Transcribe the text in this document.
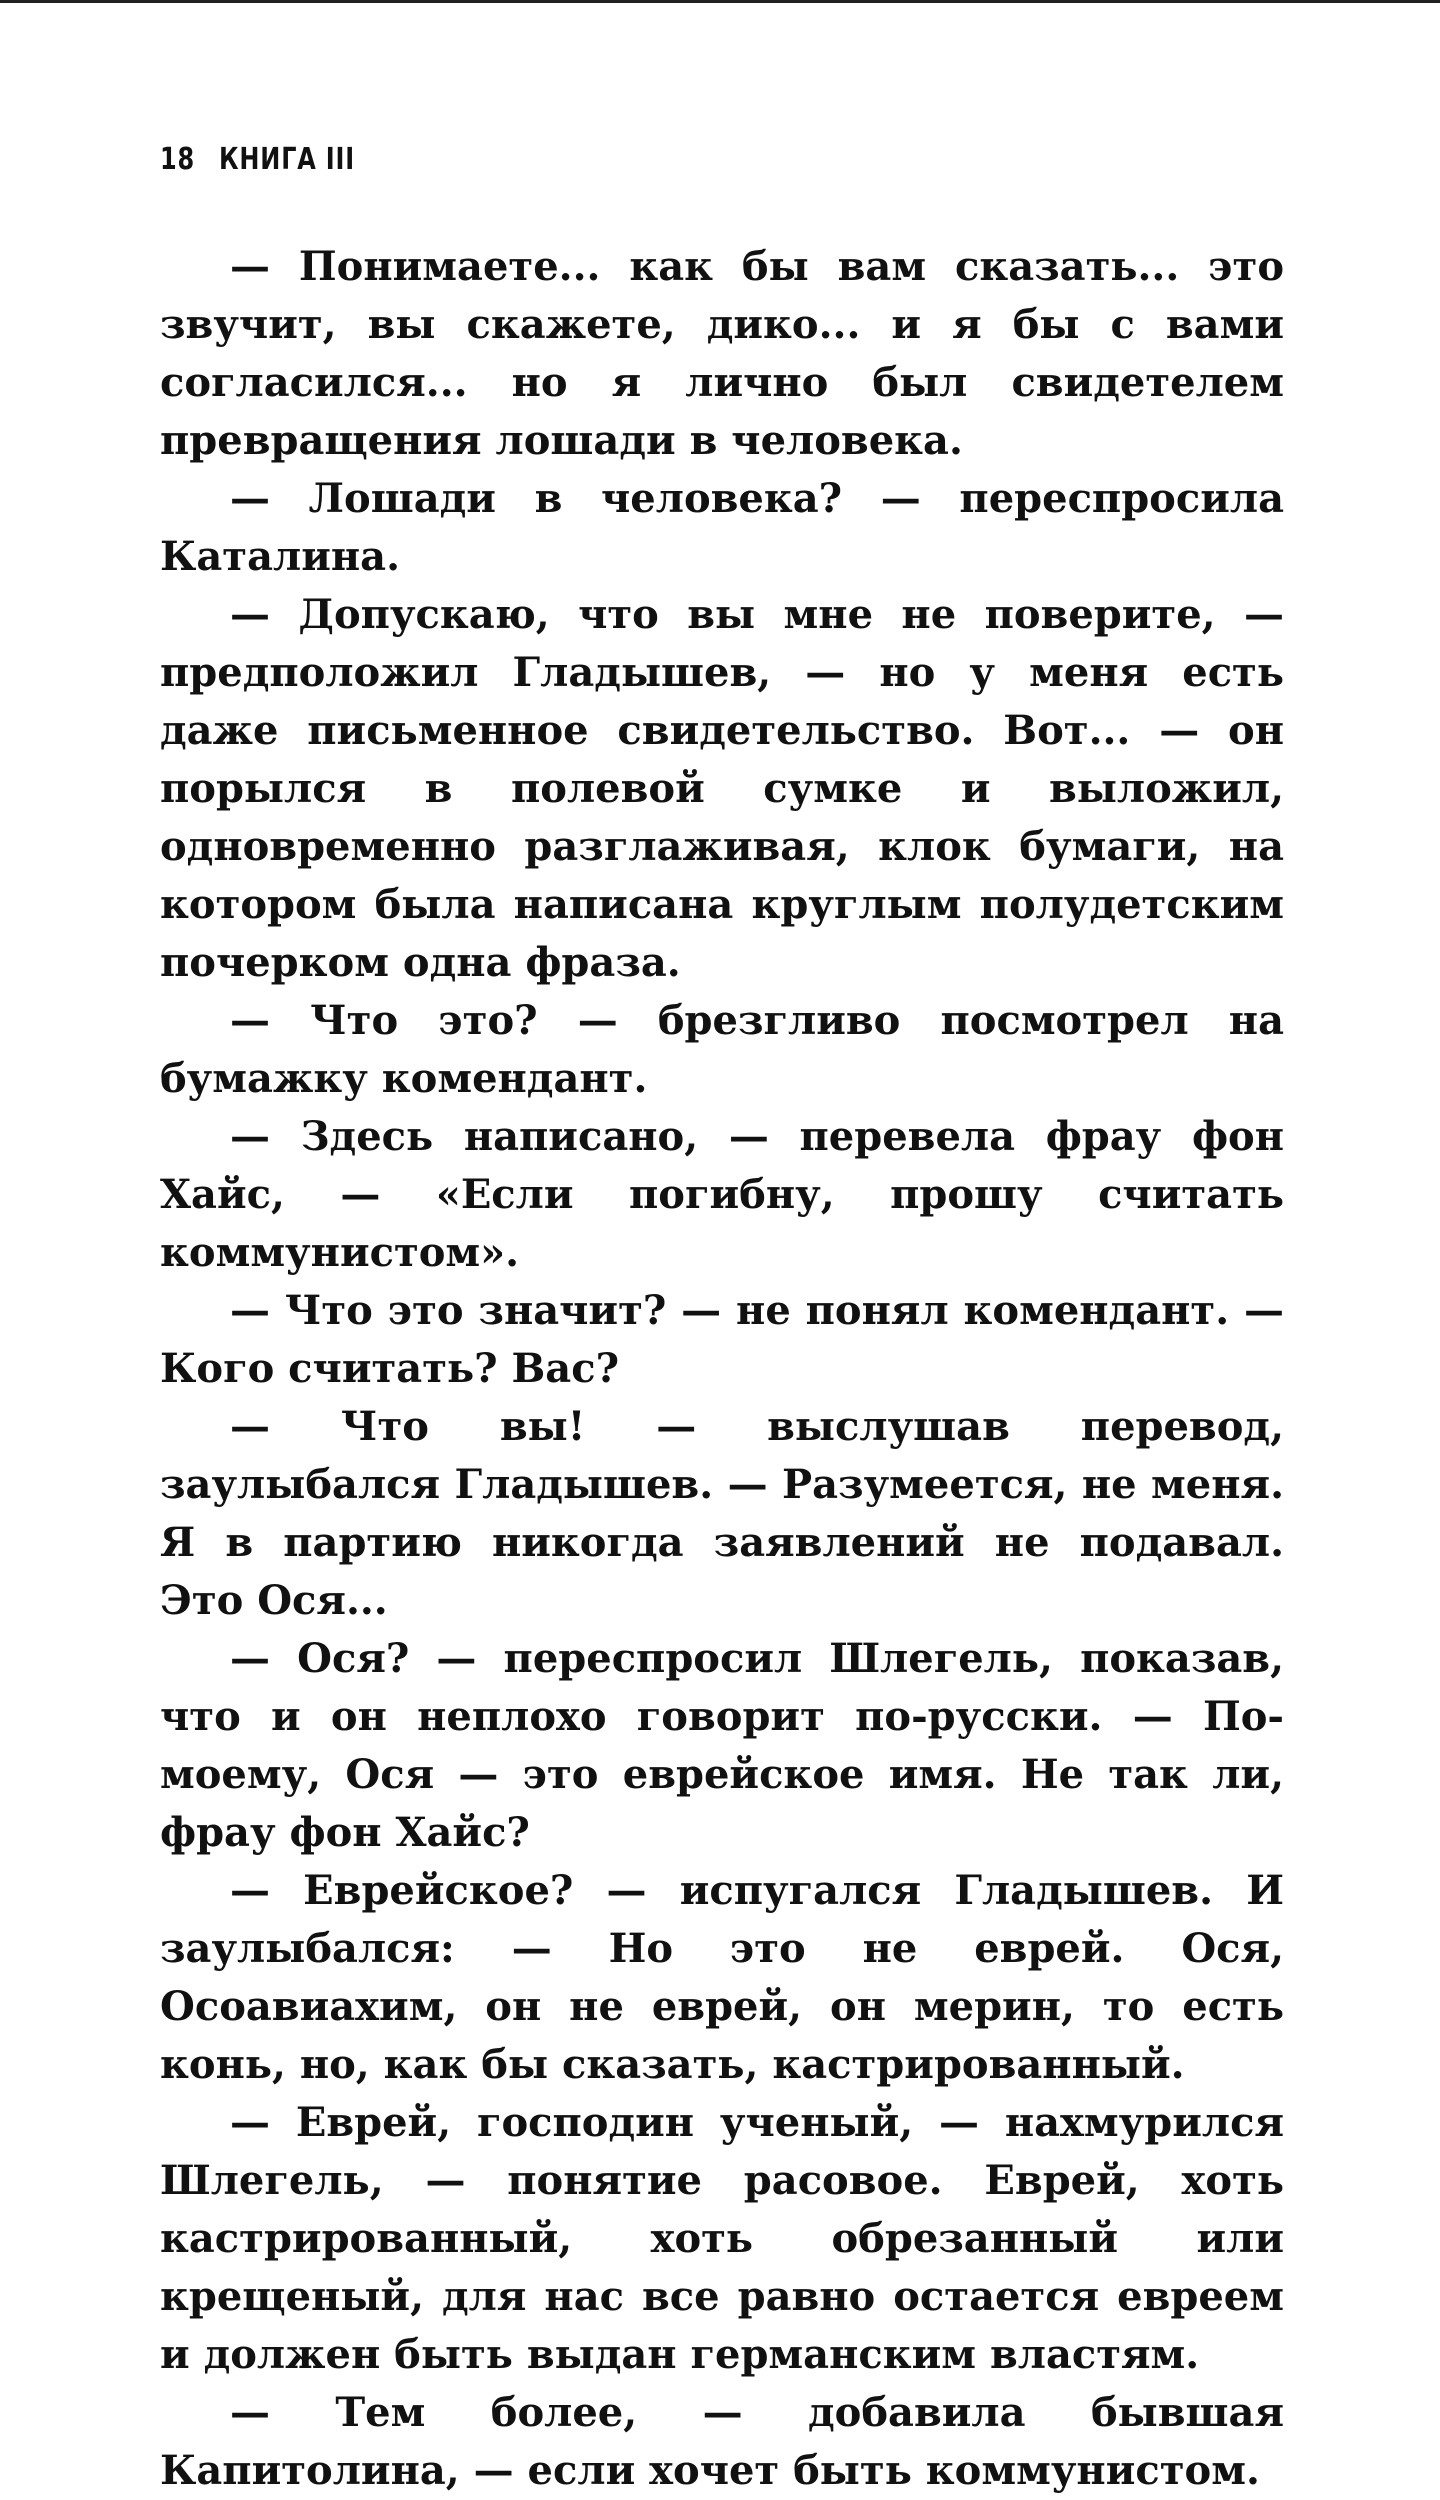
18 КНИГА III

— Понимаете... как бы вам сказать... это звучит, вы скажете, дико... и я бы с вами согласился... но я лично был свидетелем превращения лошади в человека.

— Лошади в человека? — переспросила Каталина.

— Допускаю, что вы мне не поверите, — предположил Гладышев, — но у меня есть даже письменное свидетельство. Вот... — он порылся в полевой сумке и выложил, одновременно разглаживая, клок бумаги, на котором была написана круглым полудетским почерком одна фраза.

— Что это? — брезгливо посмотрел на бумажку комендант.

— Здесь написано, — перевела фрау фон Хайс, — «Если погибну, прошу считать коммунистом».

— Что это значит? — не понял комендант. — Кого считать? Вас?

— Что вы! — выслушав перевод, заулыбался Гладышев. — Разумеется, не меня. Я в партию никогда заявлений не подавал. Это Ося...

— Ося? — переспросил Шлегель, показав, что и он неплохо говорит по-русски. — По-моему, Ося — это еврейское имя. Не так ли, фрау фон Хайс?

— Еврейское? — испугался Гладышев. И заулыбался: — Но это не еврей. Ося, Осоавиахим, он не еврей, он мерин, то есть конь, но, как бы сказать, кастрированный.

— Еврей, господин ученый, — нахмурился Шлегель, — понятие расовое. Еврей, хоть кастрированный, хоть обрезанный или крещеный, для нас все равно остается евреем и должен быть выдан германским властям.

— Тем более, — добавила бывшая Капитолина, — если хочет быть коммунистом.
